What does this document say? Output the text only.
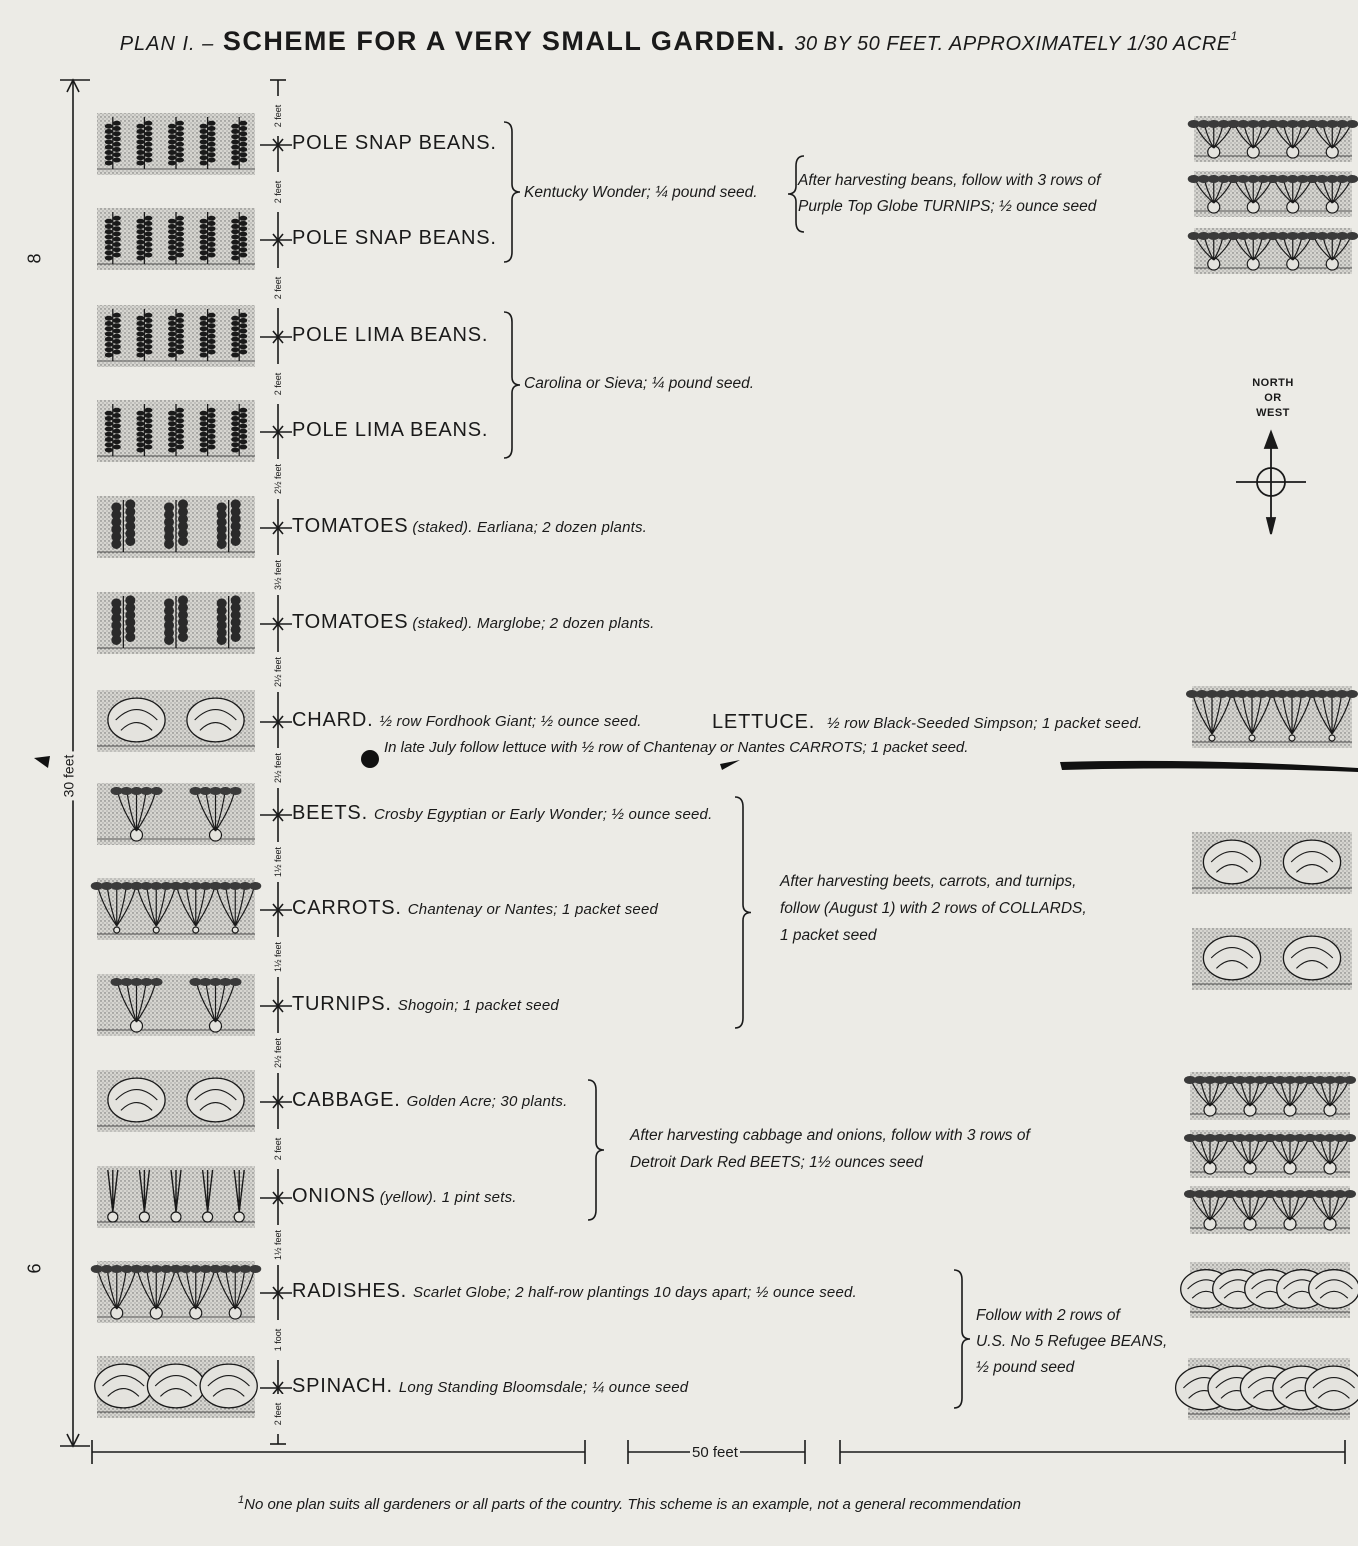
PLAN I. – SCHEME FOR A VERY SMALL GARDEN. 30 BY 50 FEET. APPROXIMATELY 1/30 ACRE$^1$
POLE SNAP BEANS.
POLE SNAP BEANS.
POLE LIMA BEANS.
POLE LIMA BEANS.
TOMATOES (staked). Earliana; 2 dozen plants.
TOMATOES (staked). Marglobe; 2 dozen plants.
CHARD. ½ row Fordhook Giant; ½ ounce seed.
BEETS. Crosby Egyptian or Early Wonder; ½ ounce seed.
CARROTS. Chantenay or Nantes; 1 packet seed
TURNIPS. Shogoin; 1 packet seed
CABBAGE. Golden Acre; 30 plants.
ONIONS (yellow). 1 pint sets.
RADISHES. Scarlet Globe; 2 half-row plantings 10 days apart; ½ ounce seed.
SPINACH. Long Standing Bloomsdale; ¼ ounce seed
LETTUCE. ½ row Black-Seeded Simpson; 1 packet seed.
In late July follow lettuce with ½ row of Chantenay or Nantes CARROTS; 1 packet seed.
Kentucky Wonder; ¼ pound seed.
After harvesting beans, follow with 3 rows of
Purple Top Globe TURNIPS; ½ ounce seed
Carolina or Sieva; ¼ pound seed.
After harvesting beets, carrots, and turnips,
follow (August 1) with 2 rows of COLLARDS,
1 packet seed
After harvesting cabbage and onions, follow with 3 rows of
Detroit Dark Red BEETS; 1½ ounces seed
Follow with 2 rows of
U.S. No 5 Refugee BEANS,
½ pound seed
NORTH
OR
WEST
8
6
30 feet
50 feet
2 feet
2 feet
2 feet
2 feet
2½ feet
3½ feet
2½ feet
2½ feet
1½ feet
1½ feet
2½ feet
2 feet
1½ feet
1 foot
2 feet
$^1$No one plan suits all gardeners or all parts of the country. This scheme is an example, not a general recommendation
